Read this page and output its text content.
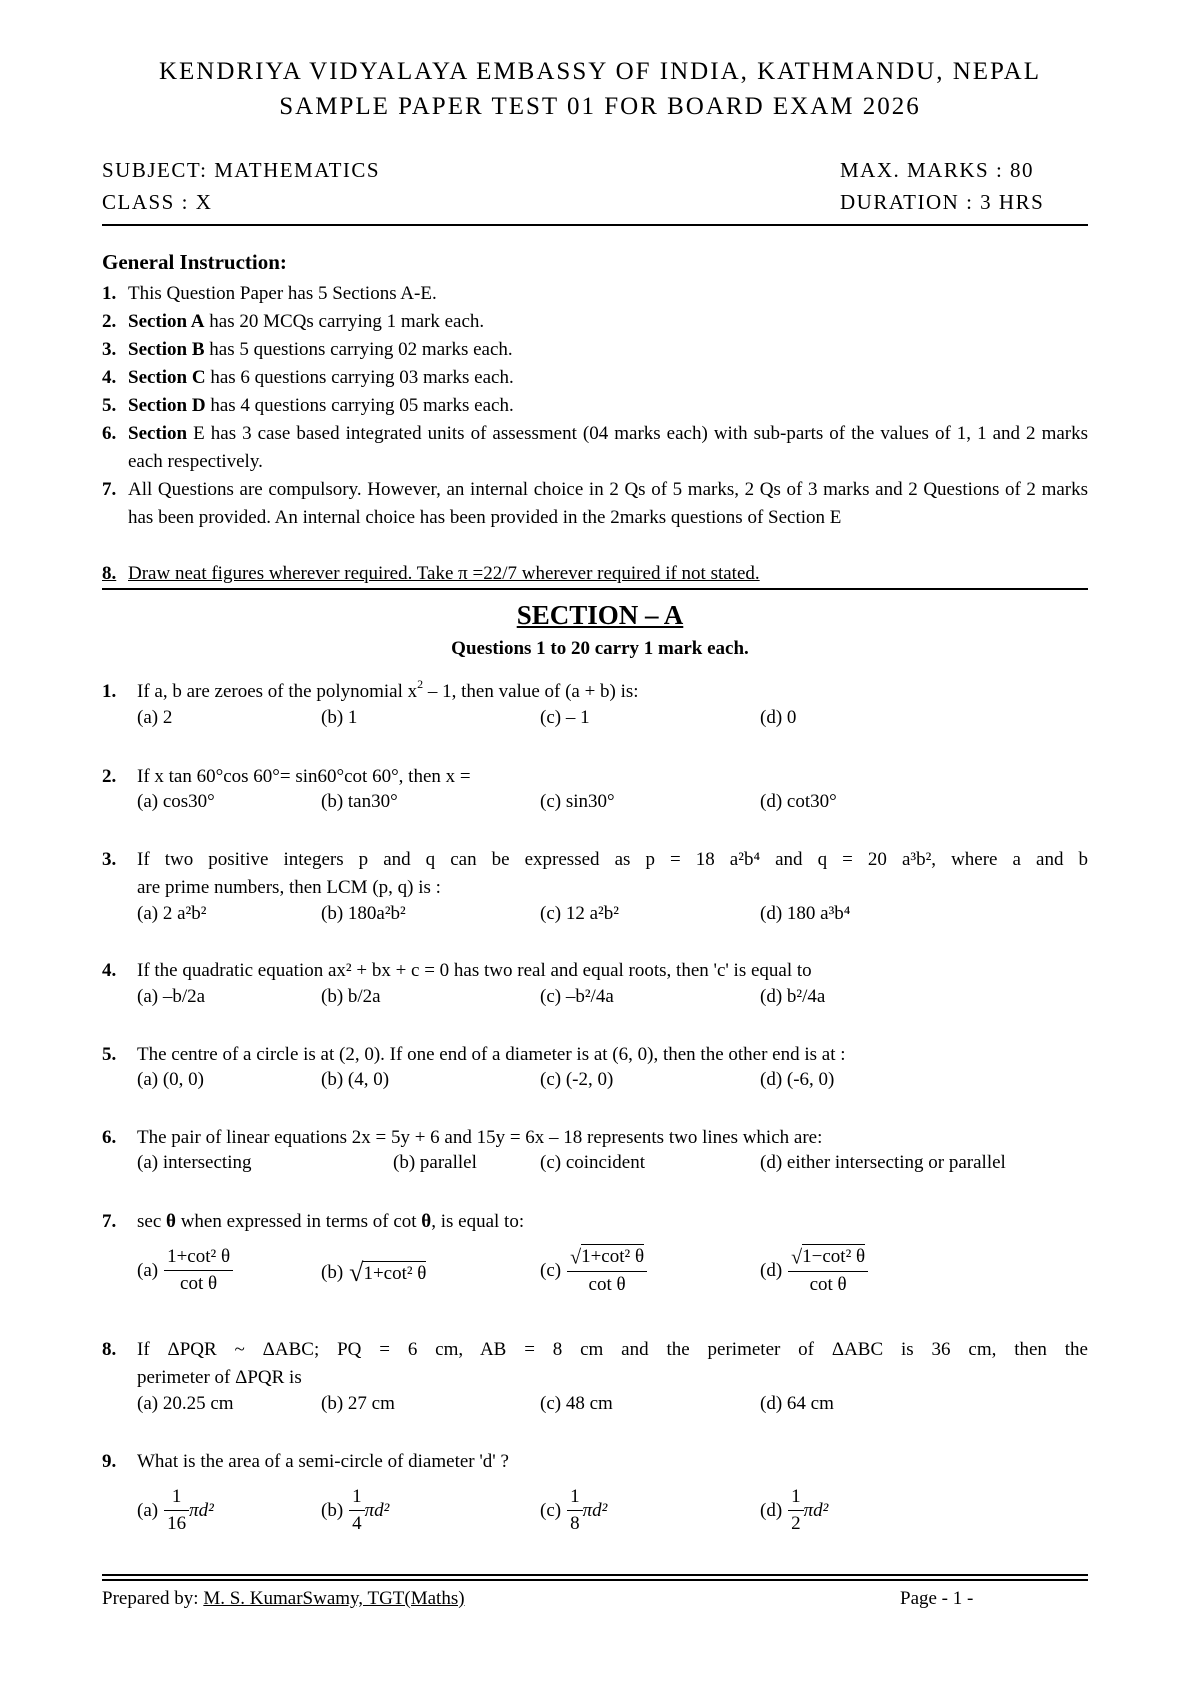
KENDRIYA VIDYALAYA EMBASSY OF INDIA, KATHMANDU, NEPAL
SAMPLE PAPER TEST 01 FOR BOARD EXAM 2026
SUBJECT: MATHEMATICS	MAX. MARKS : 80
CLASS : X	DURATION : 3 HRS
General Instruction:
1. This Question Paper has 5 Sections A-E.
2. Section A has 20 MCQs carrying 1 mark each.
3. Section B has 5 questions carrying 02 marks each.
4. Section C has 6 questions carrying 03 marks each.
5. Section D has 4 questions carrying 05 marks each.
6. Section E has 3 case based integrated units of assessment (04 marks each) with sub-parts of the values of 1, 1 and 2 marks each respectively.
7. All Questions are compulsory. However, an internal choice in 2 Qs of 5 marks, 2 Qs of 3 marks and 2 Questions of 2 marks has been provided. An internal choice has been provided in the 2marks questions of Section E
8. Draw neat figures wherever required. Take π =22/7 wherever required if not stated.
SECTION – A
Questions 1 to 20 carry 1 mark each.
1. If a, b are zeroes of the polynomial $x^2 - 1$, then value of (a + b) is:
(a) 2	(b) 1	(c) – 1	(d) 0
2. If x tan 60°cos 60°= sin60°cot 60°, then x =
(a) cos30°	(b) tan30°	(c) sin30°	(d) cot30°
3. If two positive integers p and q can be expressed as p = 18 a²b⁴ and q = 20 a³b², where a and b
are prime numbers, then LCM (p, q) is :
(a) 2 a²b²	(b) 180a²b²	(c) 12 a²b²	(d) 180 a³b⁴
4. If the quadratic equation ax² + bx + c = 0 has two real and equal roots, then 'c' is equal to
(a) –b/2a	(b) b/2a	(c) –b²/4a	(d) b²/4a
5. The centre of a circle is at (2, 0). If one end of a diameter is at (6, 0), then the other end is at :
(a) (0, 0)	(b) (4, 0)	(c) (-2, 0)	(d) (-6, 0)
6. The pair of linear equations 2x = 5y + 6 and 15y = 6x – 18 represents two lines which are:
(a) intersecting	(b) parallel	(c) coincident	(d) either intersecting or parallel
7. sec θ when expressed in terms of cot θ, is equal to:
$(a) \frac{\text{1+cot² θ}}{\text{cot θ}}$	(b) √ 1+cot² θ	$(c) \frac{\text{√1+cot² θ}}{\text{cot θ}}$	$(d) \frac{\text{√1−cot² θ}}{\text{cot θ}}$
8. If ΔPQR ~ ΔABC; PQ = 6 cm, AB = 8 cm and the perimeter of ΔABC is 36 cm, then the
perimeter of ΔPQR is
(a) 20.25 cm	(b) 27 cm	(c) 48 cm	(d) 64 cm
9. What is the area of a semi-circle of diameter 'd' ?
$(a) \frac{1}{16} \pi d^2$	$(b) \frac{1}{4} \pi d^2$	$(c) \frac{1}{8} \pi d^2$	$(d) \frac{1}{2} \pi d^2$
Prepared by: M. S. KumarSwamy, TGT(Maths)	Page - 1 -
